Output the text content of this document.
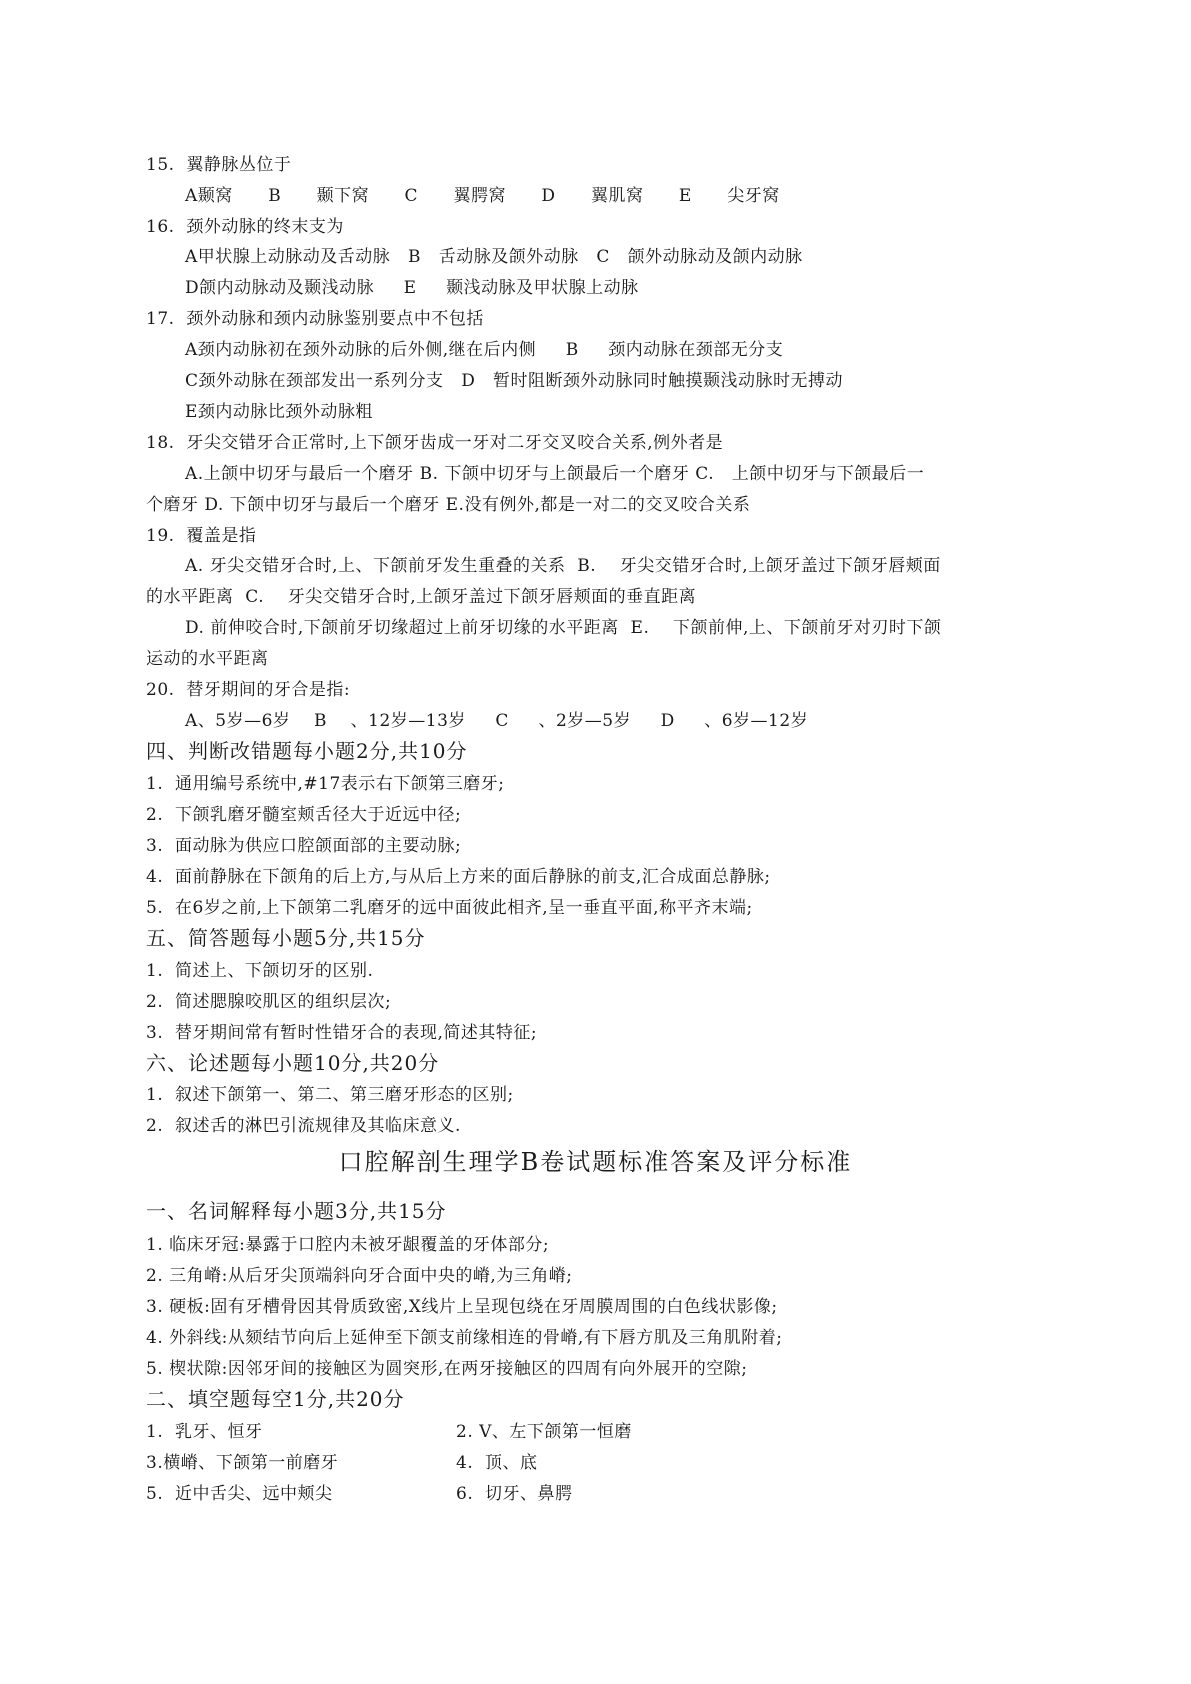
15.  翼静脉丛位于
A颞窝      B      颞下窝      C      翼腭窝      D      翼肌窝      E      尖牙窝
16.  颈外动脉的终末支为
A甲状腺上动脉动及舌动脉   B   舌动脉及颌外动脉   C   颌外动脉动及颌内动脉
D颌内动脉动及颞浅动脉     E     颞浅动脉及甲状腺上动脉
17.  颈外动脉和颈内动脉鉴别要点中不包括
A颈内动脉初在颈外动脉的后外侧,继在后内侧     B     颈内动脉在颈部无分支
C颈外动脉在颈部发出一系列分支   D   暂时阻断颈外动脉同时触摸颞浅动脉时无搏动
E颈内动脉比颈外动脉粗
18.  牙尖交错牙合正常时,上下颌牙齿成一牙对二牙交叉咬合关系,例外者是
A.上颌中切牙与最后一个磨牙 B. 下颌中切牙与上颌最后一个磨牙 C.   上颌中切牙与下颌最后一
个磨牙 D. 下颌中切牙与最后一个磨牙 E.没有例外,都是一对二的交叉咬合关系
19.  覆盖是指
A. 牙尖交错牙合时,上、下颌前牙发生重叠的关系  B.    牙尖交错牙合时,上颌牙盖过下颌牙唇颊面
的水平距离  C.    牙尖交错牙合时,上颌牙盖过下颌牙唇颊面的垂直距离
D. 前伸咬合时,下颌前牙切缘超过上前牙切缘的水平距离  E.    下颌前伸,上、下颌前牙对刃时下颌
运动的水平距离
20.  替牙期间的牙合是指:
A、5岁—6岁    B    、12岁—13岁     C     、2岁—5岁     D     、6岁—12岁
四、判断改错题每小题2分,共10分
1.  通用编号系统中,#17表示右下颌第三磨牙;
2.  下颌乳磨牙髓室颊舌径大于近远中径;
3.  面动脉为供应口腔颌面部的主要动脉;
4.  面前静脉在下颌角的后上方,与从后上方来的面后静脉的前支,汇合成面总静脉;
5.  在6岁之前,上下颌第二乳磨牙的远中面彼此相齐,呈一垂直平面,称平齐末端;
五、简答题每小题5分,共15分
1.  简述上、下颌切牙的区别.
2.  简述腮腺咬肌区的组织层次;
3.  替牙期间常有暂时性错牙合的表现,简述其特征;
六、论述题每小题10分,共20分
1.  叙述下颌第一、第二、第三磨牙形态的区别;
2.  叙述舌的淋巴引流规律及其临床意义.
口腔解剖生理学B卷试题标准答案及评分标准
一、名词解释每小题3分,共15分
1. 临床牙冠:暴露于口腔内未被牙龈覆盖的牙体部分;
2. 三角嵴:从后牙尖顶端斜向牙合面中央的嵴,为三角嵴;
3. 硬板:固有牙槽骨因其骨质致密,X线片上呈现包绕在牙周膜周围的白色线状影像;
4. 外斜线:从颏结节向后上延伸至下颌支前缘相连的骨嵴,有下唇方肌及三角肌附着;
5. 楔状隙:因邻牙间的接触区为圆突形,在两牙接触区的四周有向外展开的空隙;
二、填空题每空1分,共20分
1.  乳牙、恒牙	2. V、左下颌第一恒磨
3.横嵴、下颌第一前磨牙	4.  顶、底
5.  近中舌尖、远中颊尖	6.  切牙、鼻腭
